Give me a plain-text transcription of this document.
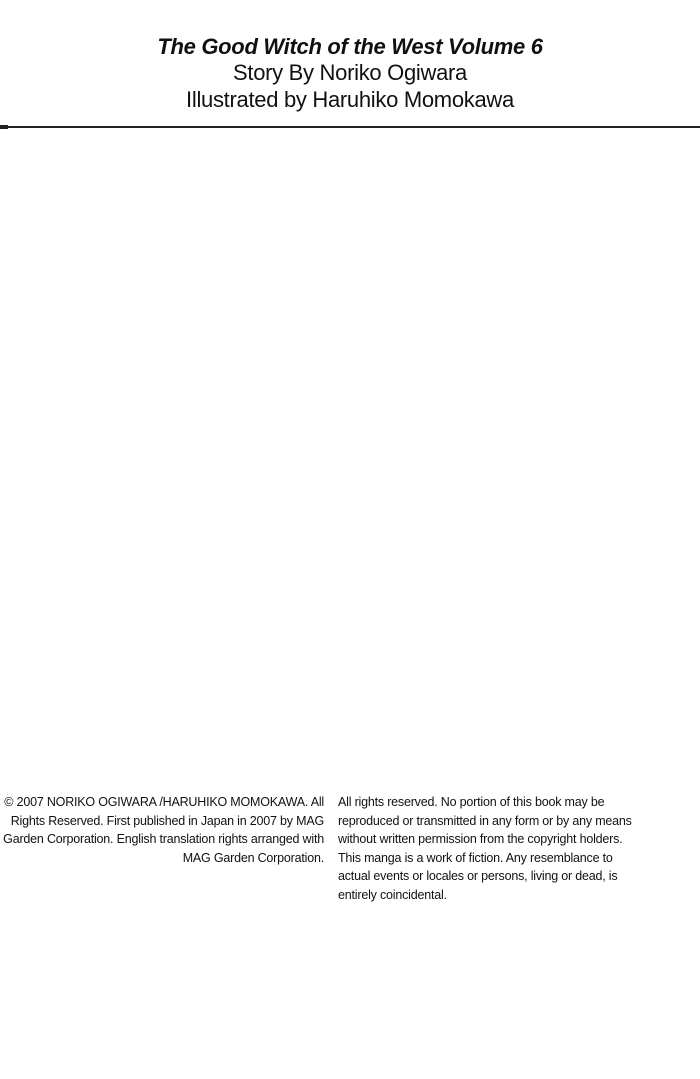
The Good Witch of the West Volume 6
Story By Noriko Ogiwara
Illustrated by Haruhiko Momokawa
© 2007 NORIKO OGIWARA /HARUHIKO MOMOKAWA. All
Rights Reserved. First published in Japan in 2007 by MAG
Garden Corporation. English translation rights arranged with
MAG Garden Corporation.
All rights reserved. No portion of this book may be
reproduced or transmitted in any form or by any means
without written permission from the copyright holders.
This manga is a work of fiction. Any resemblance to
actual events or locales or persons, living or dead, is
entirely coincidental.
